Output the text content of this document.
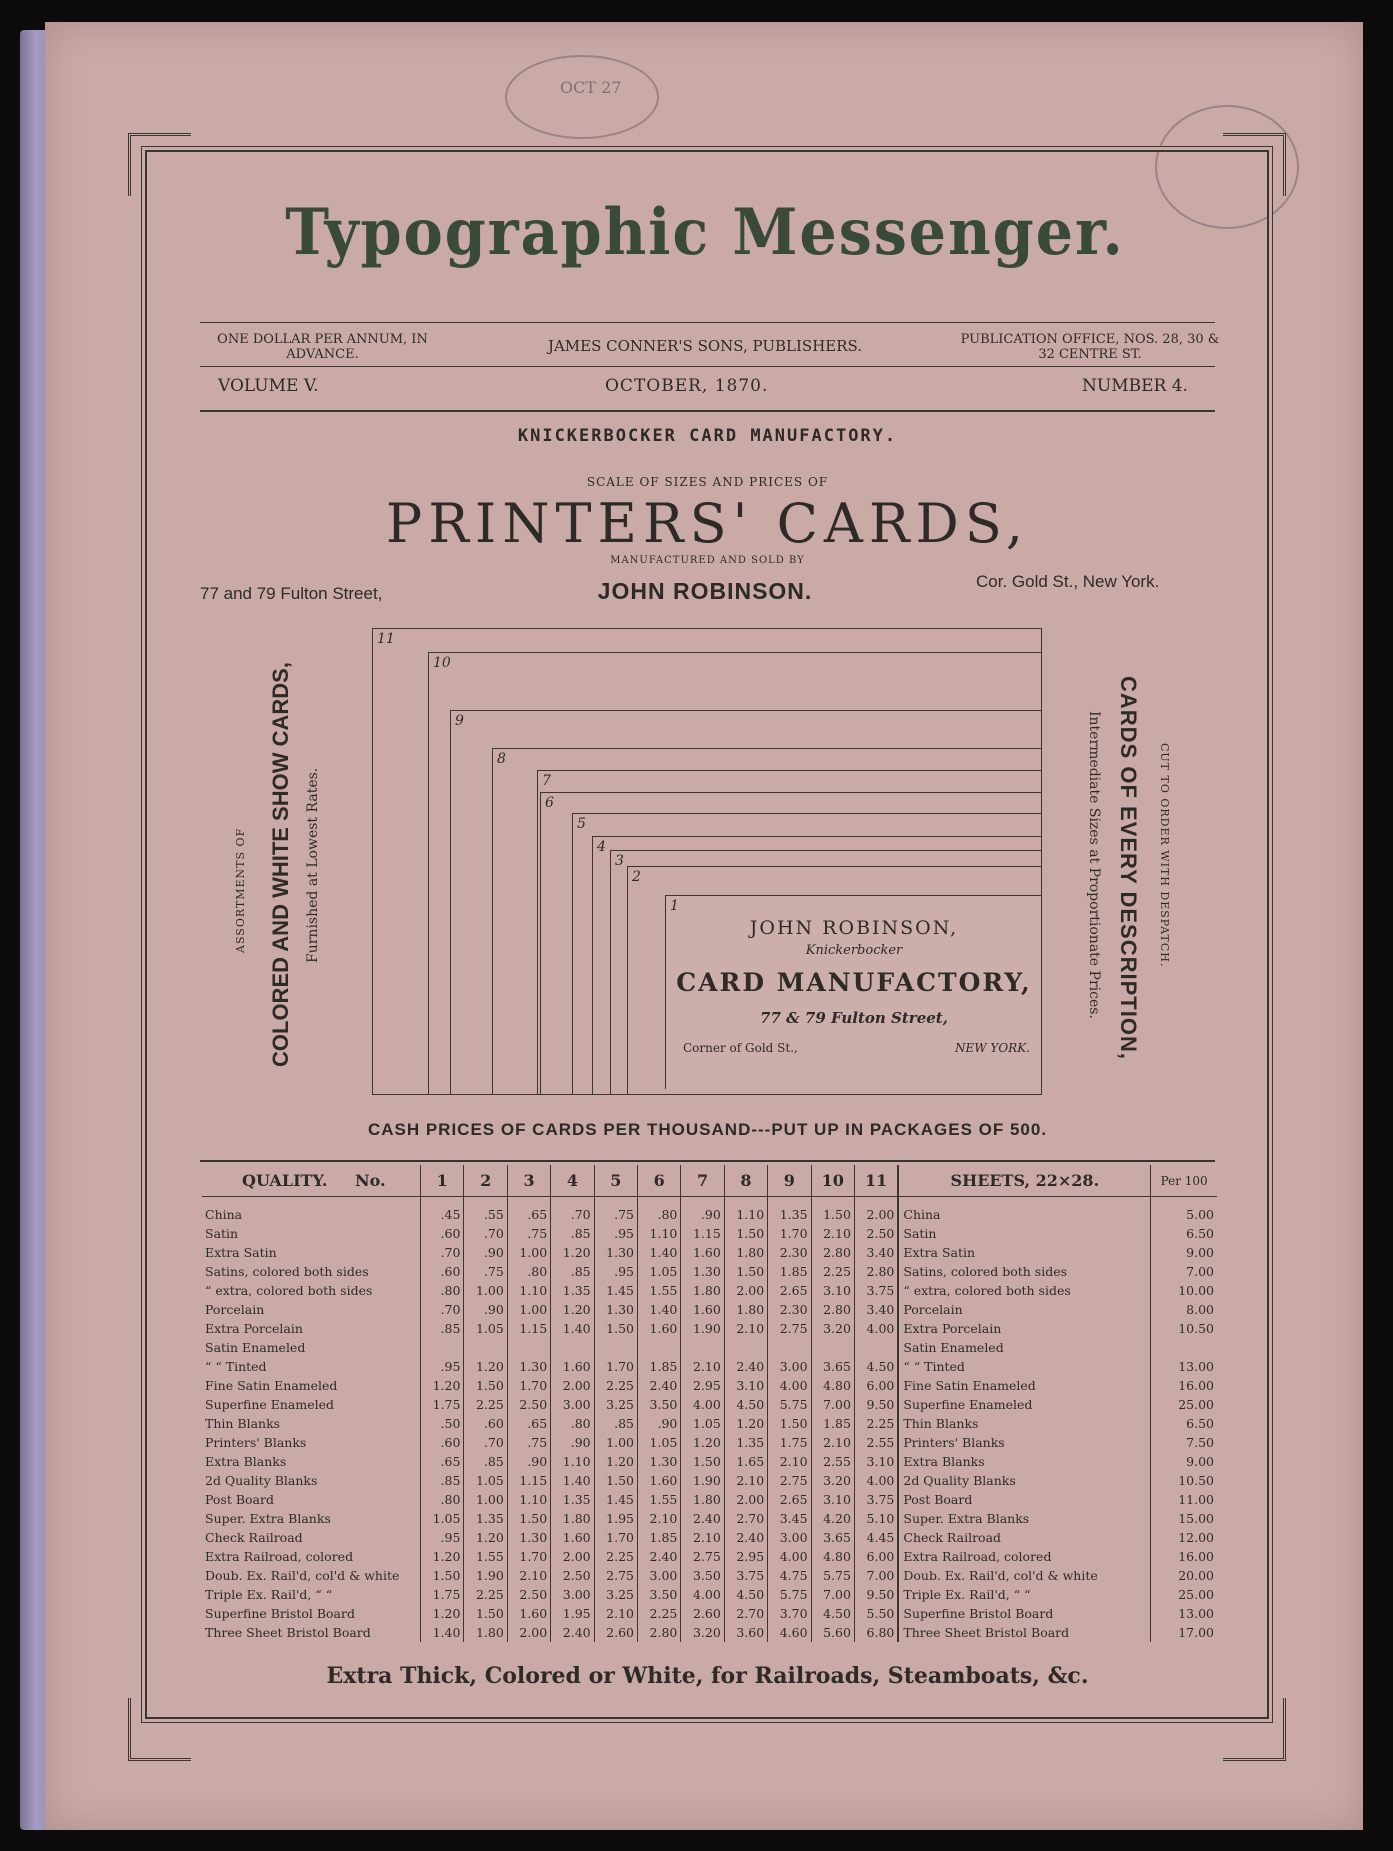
OCT 27
Typographic Messenger.
ONE DOLLAR PER ANNUM, IN ADVANCE.	JAMES CONNER'S SONS, PUBLISHERS.	PUBLICATION OFFICE, NOS. 28, 30 & 32 CENTRE ST.
VOLUME V.	OCTOBER, 1870.	NUMBER 4.
KNICKERBOCKER CARD MANUFACTORY.
SCALE OF SIZES AND PRICES OF
PRINTERS' CARDS,
MANUFACTURED AND SOLD BY
77 and 79 Fulton Street,	JOHN ROBINSON.	Cor. Gold St., New York.
ASSORTMENTS OF COLORED AND WHITE SHOW CARDS, Furnished at Lowest Rates.	CUT TO ORDER WITH DESPATCH.
CARDS OF EVERY DESCRIPTION,
Intermediate Sizes at Proportionate Prices.
11
10
9
8
7
6
5
4
3
2
1
JOHN ROBINSON,
Knickerbocker
CARD MANUFACTORY,
77 & 79 Fulton Street,
Corner of Gold St.,	NEW YORK.
CASH PRICES OF CARDS PER THOUSAND---PUT UP IN PACKAGES OF 500.
QUALITY. No.	1	2	3	4	5	6	7	8	9	10	11	SHEETS, 22×28.	Per 100
China	.45	.55	.65	.70	.75	.80	.90	1.10	1.35	1.50	2.00	China	5.00
Satin	.60	.70	.75	.85	.95	1.10	1.15	1.50	1.70	2.10	2.50	Satin	6.50
Extra Satin	.70	.90	1.00	1.20	1.30	1.40	1.60	1.80	2.30	2.80	3.40	Extra Satin	9.00
Satins, colored both sides	.60	.75	.80	.85	.95	1.05	1.30	1.50	1.85	2.25	2.80	Satins, colored both sides	7.00
“ extra, colored both sides	.80	1.00	1.10	1.35	1.45	1.55	1.80	2.00	2.65	3.10	3.75	“ extra, colored both sides	10.00
Porcelain	.70	.90	1.00	1.20	1.30	1.40	1.60	1.80	2.30	2.80	3.40	Porcelain	8.00
Extra Porcelain	.85	1.05	1.15	1.40	1.50	1.60	1.90	2.10	2.75	3.20	4.00	Extra Porcelain	10.50
Satin Enameled												Satin Enameled	
“ “ Tinted	.95	1.20	1.30	1.60	1.70	1.85	2.10	2.40	3.00	3.65	4.50	“ “ Tinted	13.00
Fine Satin Enameled	1.20	1.50	1.70	2.00	2.25	2.40	2.95	3.10	4.00	4.80	6.00	Fine Satin Enameled	16.00
Superfine Enameled	1.75	2.25	2.50	3.00	3.25	3.50	4.00	4.50	5.75	7.00	9.50	Superfine Enameled	25.00
Thin Blanks	.50	.60	.65	.80	.85	.90	1.05	1.20	1.50	1.85	2.25	Thin Blanks	6.50
Printers' Blanks	.60	.70	.75	.90	1.00	1.05	1.20	1.35	1.75	2.10	2.55	Printers' Blanks	7.50
Extra Blanks	.65	.85	.90	1.10	1.20	1.30	1.50	1.65	2.10	2.55	3.10	Extra Blanks	9.00
2d Quality Blanks	.85	1.05	1.15	1.40	1.50	1.60	1.90	2.10	2.75	3.20	4.00	2d Quality Blanks	10.50
Post Board	.80	1.00	1.10	1.35	1.45	1.55	1.80	2.00	2.65	3.10	3.75	Post Board	11.00
Super. Extra Blanks	1.05	1.35	1.50	1.80	1.95	2.10	2.40	2.70	3.45	4.20	5.10	Super. Extra Blanks	15.00
Check Railroad	.95	1.20	1.30	1.60	1.70	1.85	2.10	2.40	3.00	3.65	4.45	Check Railroad	12.00
Extra Railroad, colored	1.20	1.55	1.70	2.00	2.25	2.40	2.75	2.95	4.00	4.80	6.00	Extra Railroad, colored	16.00
Doub. Ex. Rail'd, col'd & white	1.50	1.90	2.10	2.50	2.75	3.00	3.50	3.75	4.75	5.75	7.00	Doub. Ex. Rail'd, col'd & white	20.00
Triple Ex. Rail'd, “ “	1.75	2.25	2.50	3.00	3.25	3.50	4.00	4.50	5.75	7.00	9.50	Triple Ex. Rail'd, “ “	25.00
Superfine Bristol Board	1.20	1.50	1.60	1.95	2.10	2.25	2.60	2.70	3.70	4.50	5.50	Superfine Bristol Board	13.00
Three Sheet Bristol Board	1.40	1.80	2.00	2.40	2.60	2.80	3.20	3.60	4.60	5.60	6.80	Three Sheet Bristol Board	17.00
Extra Thick, Colored or White, for Railroads, Steamboats, &c.
